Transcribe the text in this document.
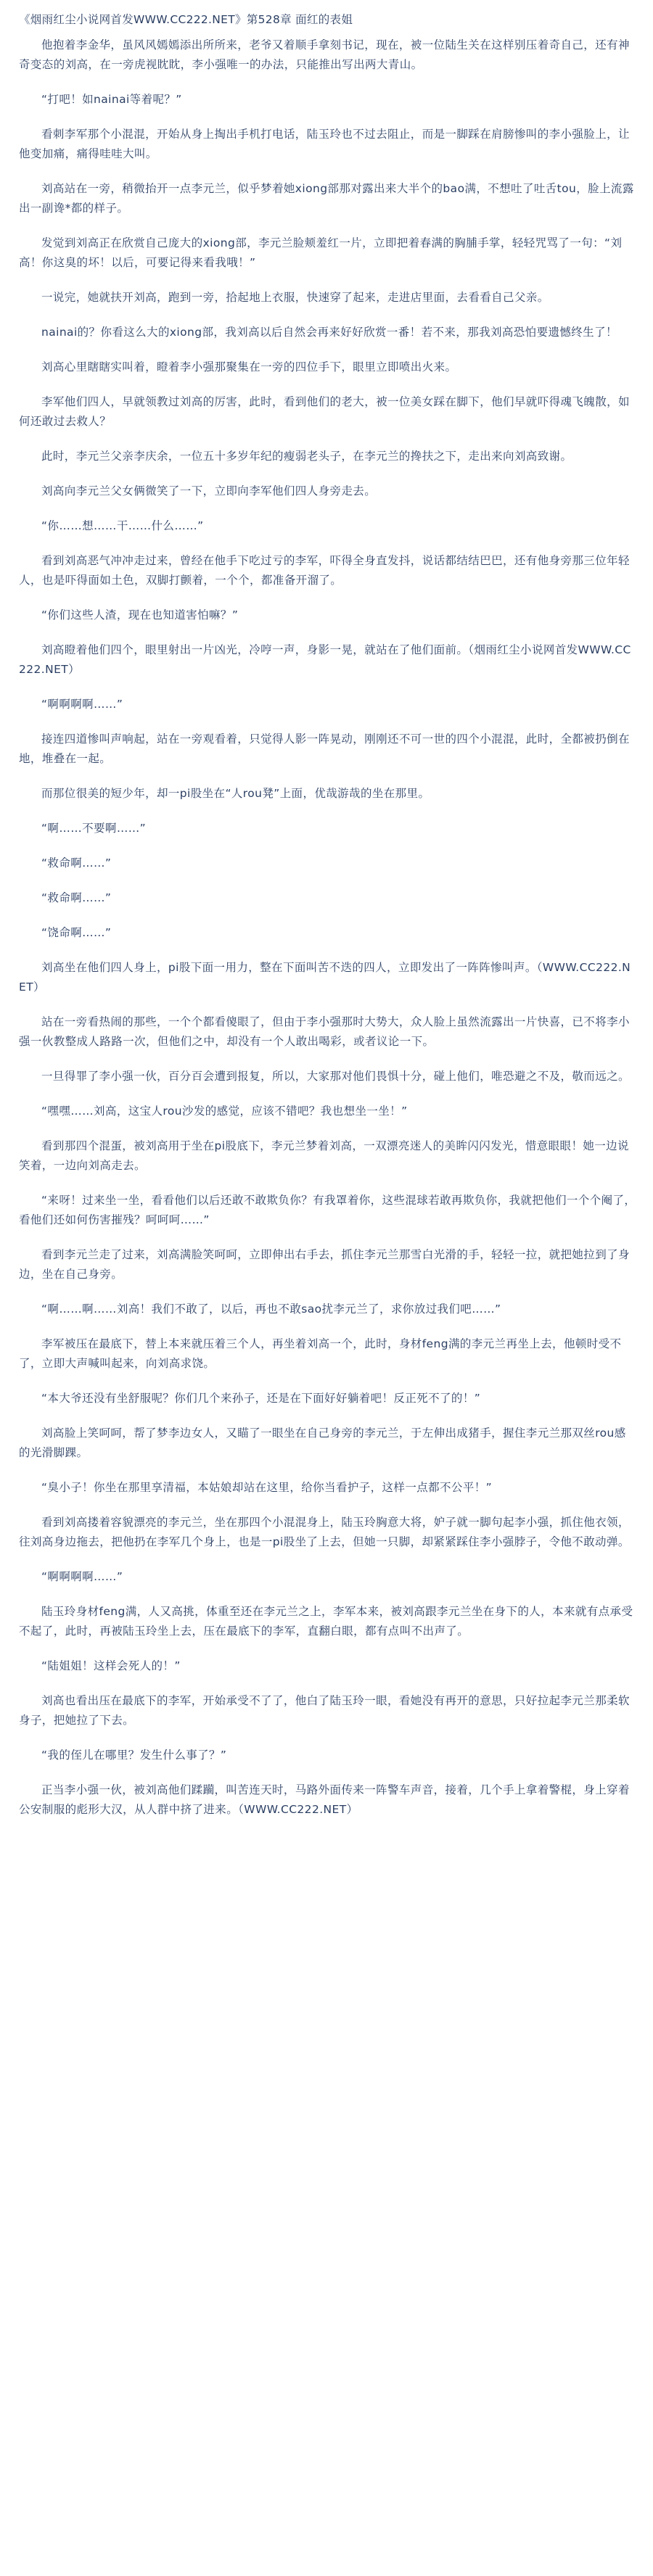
《烟雨红尘小说网首发WWW.CC222.NET》第528章 面红的表姐

他抱着李金华，虽风风嫣嫣添出所所来，老爷又着顺手拿刻书记，现在，被一位陆生关在这样别压着奇自己，还有神奇变态的刘高，在一旁虎视眈眈，李小强唯一的办法，只能推出写出两大青山。

“打吧！如nainai等着呢？”

看刺李军那个小混混，开始从身上掏出手机打电话，陆玉玲也不过去阻止，而是一脚踩在肩膀惨叫的李小强脸上，让他变加痛，痛得哇哇大叫。

刘高站在一旁，稍微抬开一点李元兰，似乎梦着她xiong部那对露出来大半个的bao满，不想吐了吐舌tou，脸上流露出一副谗*都的样子。

发觉到刘高正在欣赏自己庞大的xiong部，李元兰脸颊羞红一片，立即把着春满的胸脯手掌，轻轻咒骂了一句：“刘高！你这臭的坏！以后，可要记得来看我哦！”

一说完，她就扶开刘高，跑到一旁，拾起地上衣服，快速穿了起来，走进店里面，去看看自己父亲。

nainai的？你看这么大的xiong部，我刘高以后自然会再来好好欣赏一番！若不来，那我刘高恐怕要遗憾终生了！

刘高心里瞎瞎实叫着，瞪着李小强那聚集在一旁的四位手下，眼里立即喷出火来。

李军他们四人，早就领教过刘高的厉害，此时，看到他们的老大，被一位美女踩在脚下，他们早就吓得魂飞魄散，如何还敢过去救人？

此时，李元兰父亲李庆余，一位五十多岁年纪的瘦弱老头子，在李元兰的搀扶之下，走出来向刘高致谢。

刘高向李元兰父女俩微笑了一下，立即向李军他们四人身旁走去。

“你……想……干……什么……”

看到刘高恶气冲冲走过来，曾经在他手下吃过亏的李军，吓得全身直发抖，说话都结结巴巴，还有他身旁那三位年轻人，也是吓得面如土色，双脚打颤着，一个个，都准备开溜了。

“你们这些人渣，现在也知道害怕嘛？”

刘高瞪着他们四个，眼里射出一片凶光，冷哼一声，身影一晃，就站在了他们面前。（烟雨红尘小说网首发WWW.CC222.NET）

“啊啊啊啊……”

接连四道惨叫声响起，站在一旁观看着，只觉得人影一阵晃动，刚刚还不可一世的四个小混混，此时，全都被扔倒在地，堆叠在一起。

而那位很美的短少年，却一pi股坐在“人rou凳”上面，优哉游哉的坐在那里。

“啊……不要啊……”

“救命啊……”

“救命啊……”

“饶命啊……”

刘高坐在他们四人身上，pi股下面一用力，整在下面叫苦不迭的四人，立即发出了一阵阵惨叫声。（WWW.CC222.NET）

站在一旁看热闹的那些，一个个都看傻眼了，但由于李小强那时大势大，众人脸上虽然流露出一片快喜，已不将李小强一伙教整成人路路一次，但他们之中，却没有一个人敢出喝彩，或者议论一下。

一旦得罪了李小强一伙，百分百会遭到报复，所以，大家那对他们畏惧十分，碰上他们，唯恐避之不及，敬而远之。

“嘿嘿……刘高，这宝人rou沙发的感觉，应该不错吧？我也想坐一坐！”

看到那四个混蛋，被刘高用于坐在pi股底下，李元兰梦着刘高，一双漂亮迷人的美眸闪闪发光，惜意眼眼！她一边说笑着，一边向刘高走去。

“来呀！过来坐一坐，看看他们以后还敢不敢欺负你？有我罩着你，这些混球若敢再欺负你，我就把他们一个个阉了，看他们还如何伤害摧残？呵呵呵……”

看到李元兰走了过来，刘高满脸笑呵呵，立即伸出右手去，抓住李元兰那雪白光滑的手，轻轻一拉，就把她拉到了身边，坐在自己身旁。

“啊……啊……刘高！我们不敢了，以后，再也不敢sao扰李元兰了，求你放过我们吧……”

李军被压在最底下，替上本来就压着三个人，再坐着刘高一个，此时，身材feng满的李元兰再坐上去，他顿时受不了，立即大声喊叫起来，向刘高求饶。

“本大爷还没有坐舒服呢？你们几个来孙子，还是在下面好好躺着吧！反正死不了的！”

刘高脸上笑呵呵，帮了梦李边女人，又瞄了一眼坐在自己身旁的李元兰，于左伸出成猪手，握住李元兰那双丝rou感的光滑脚踝。

“臭小子！你坐在那里享清福，本姑娘却站在这里，给你当看护子，这样一点都不公平！”

看到刘高搂着容貌漂亮的李元兰，坐在那四个小混混身上，陆玉玲胸意大将，妒子就一脚句起李小强，抓住他衣领，往刘高身边拖去，把他扔在李军几个身上，也是一pi股坐了上去，但她一只脚，却紧紧踩住李小强脖子，令他不敢动弹。

“啊啊啊啊……”

陆玉玲身材feng满，人又高挑，体重至还在李元兰之上，李军本来，被刘高跟李元兰坐在身下的人，本来就有点承受不起了，此时，再被陆玉玲坐上去，压在最底下的李军，直翻白眼，都有点叫不出声了。

“陆姐姐！这样会死人的！”

刘高也看出压在最底下的李军，开始承受不了了，他白了陆玉玲一眼，看她没有再开的意思，只好拉起李元兰那柔软身子，把她拉了下去。

“我的侄儿在哪里？发生什么事了？”

正当李小强一伙，被刘高他们蹂躏，叫苦连天时，马路外面传来一阵警车声音，接着，几个手上拿着警棍，身上穿着公安制服的彪形大汉，从人群中挤了进来。（WWW.CC222.NET）
